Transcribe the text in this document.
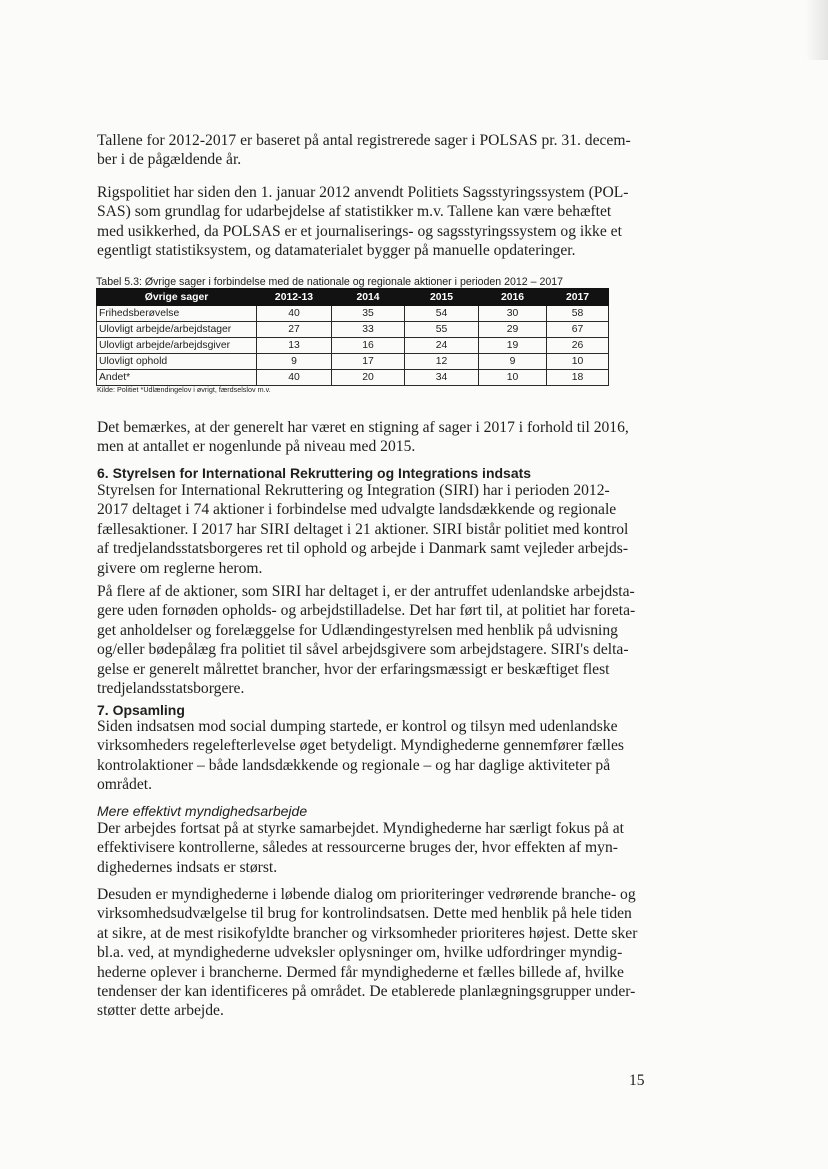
Tallene for 2012-2017 er baseret på antal registrerede sager i POLSAS pr. 31. decem-
ber i de pågældende år.
Rigspolitiet har siden den 1. januar 2012 anvendt Politiets Sagsstyringssystem (POL-
SAS) som grundlag for udarbejdelse af statistikker m.v. Tallene kan være behæftet
med usikkerhed, da POLSAS er et journaliserings- og sagsstyringssystem og ikke et
egentligt statistiksystem, og datamaterialet bygger på manuelle opdateringer.
Tabel 5.3: Øvrige sager i forbindelse med de nationale og regionale aktioner i perioden 2012 – 2017
Øvrige sager	2012-13	2014	2015	2016	2017
Frihedsberøvelse	40	35	54	30	58
Ulovligt arbejde/arbejdstager	27	33	55	29	67
Ulovligt arbejde/arbejdsgiver	13	16	24	19	26
Ulovligt ophold	9	17	12	9	10
Andet*	40	20	34	10	18
Kilde: Politiet *Udlændingelov i øvrigt, færdselslov m.v.
Det bemærkes, at der generelt har været en stigning af sager i 2017 i forhold til 2016,
men at antallet er nogenlunde på niveau med 2015.
6. Styrelsen for International Rekruttering og Integrations indsats
Styrelsen for International Rekruttering og Integration (SIRI) har i perioden 2012-
2017 deltaget i 74 aktioner i forbindelse med udvalgte landsdækkende og regionale
fællesaktioner. I 2017 har SIRI deltaget i 21 aktioner. SIRI bistår politiet med kontrol
af tredjelandsstatsborgeres ret til ophold og arbejde i Danmark samt vejleder arbejds-
givere om reglerne herom.
På flere af de aktioner, som SIRI har deltaget i, er der antruffet udenlandske arbejdsta-
gere uden fornøden opholds- og arbejdstilladelse. Det har ført til, at politiet har foreta-
get anholdelser og forelæggelse for Udlændingestyrelsen med henblik på udvisning
og/eller bødepålæg fra politiet til såvel arbejdsgivere som arbejdstagere. SIRI's delta-
gelse er generelt målrettet brancher, hvor der erfaringsmæssigt er beskæftiget flest
tredjelandsstatsborgere.
7. Opsamling
Siden indsatsen mod social dumping startede, er kontrol og tilsyn med udenlandske
virksomheders regelefterlevelse øget betydeligt. Myndighederne gennemfører fælles
kontrolaktioner – både landsdækkende og regionale – og har daglige aktiviteter på
området.
Mere effektivt myndighedsarbejde
Der arbejdes fortsat på at styrke samarbejdet. Myndighederne har særligt fokus på at
effektivisere kontrollerne, således at ressourcerne bruges der, hvor effekten af myn-
dighedernes indsats er størst.
Desuden er myndighederne i løbende dialog om prioriteringer vedrørende branche- og
virksomhedsudvælgelse til brug for kontrolindsatsen. Dette med henblik på hele tiden
at sikre, at de mest risikofyldte brancher og virksomheder prioriteres højest. Dette sker
bl.a. ved, at myndighederne udveksler oplysninger om, hvilke udfordringer myndig-
hederne oplever i brancherne. Dermed får myndighederne et fælles billede af, hvilke
tendenser der kan identificeres på området. De etablerede planlægningsgrupper under-
støtter dette arbejde.
15
